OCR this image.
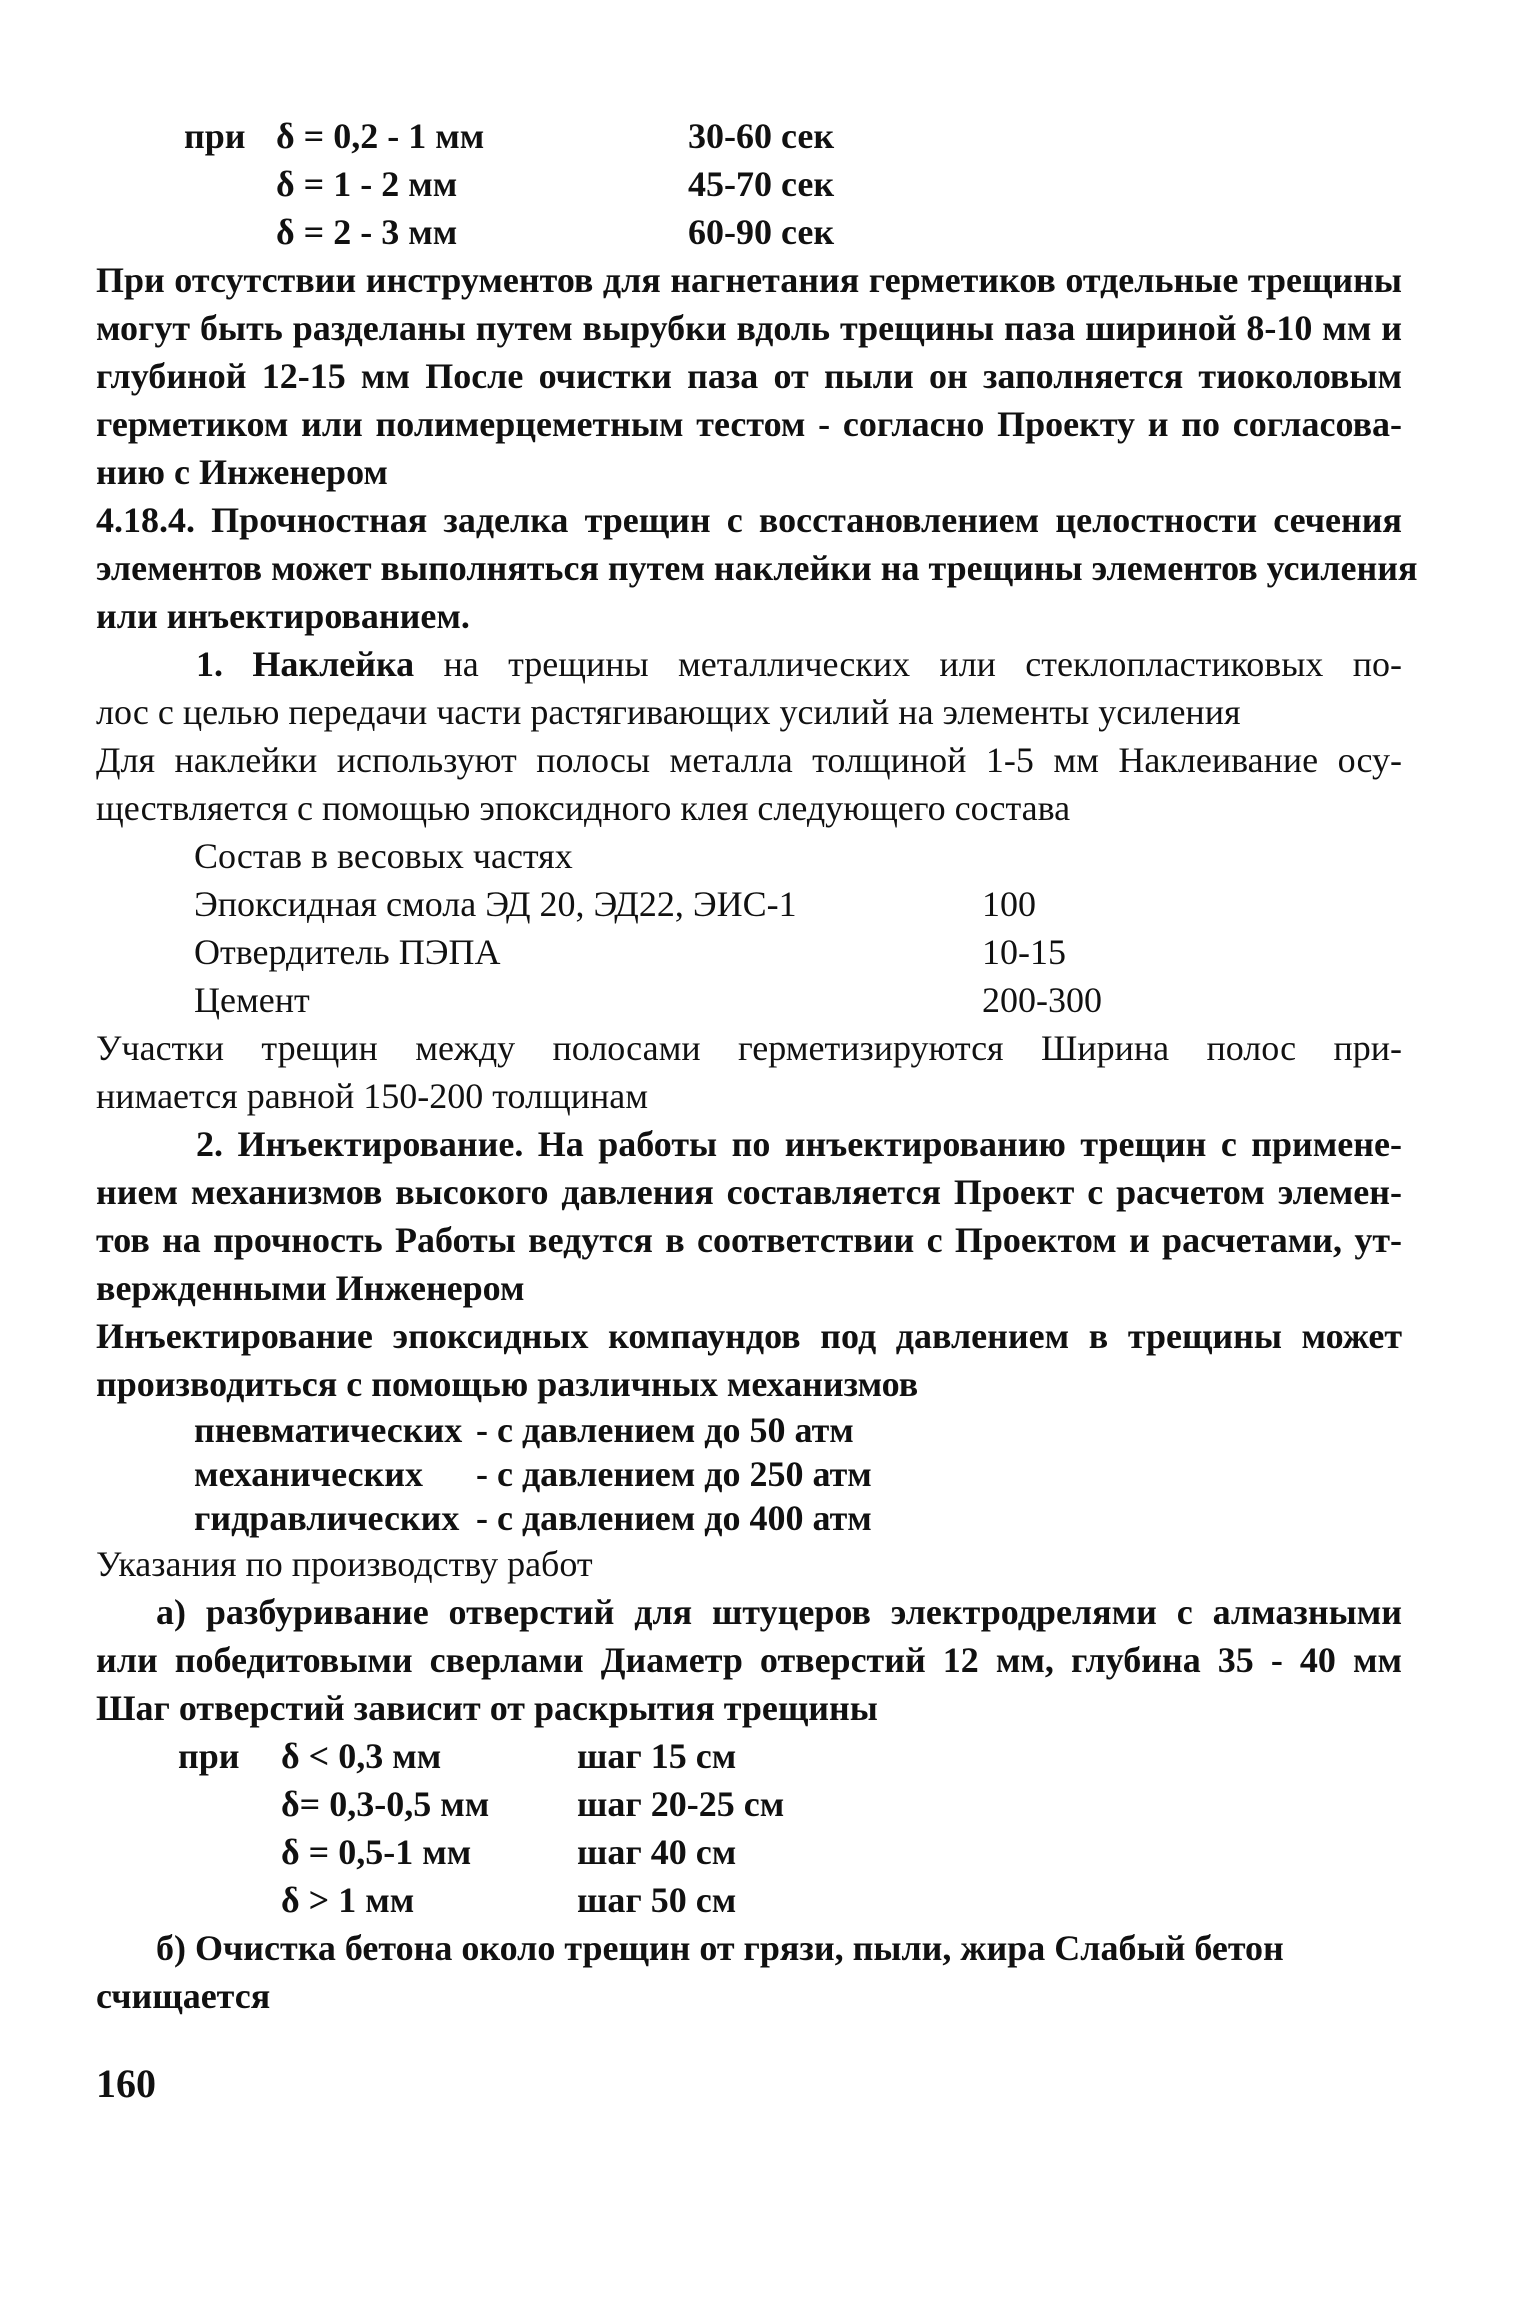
при δ = 0,2 - 1 мм	30-60 сек
δ = 1 - 2 мм	45-70 сек
δ = 2 - 3 мм	60-90 сек
При отсутствии инструментов для нагнетания герметиков отдельные трещины
могут быть разделаны путем вырубки вдоль трещины паза шириной 8-10 мм и
глубиной 12-15 мм После очистки паза от пыли он заполняется тиоколовым
герметиком или полимерцеметным тестом - согласно Проекту и по согласова-
нию с Инженером
4.18.4. Прочностная заделка трещин с восстановлением целостности сечения
элементов может выполняться путем наклейки на трещины элементов усиления
или инъектированием.
1. Наклейка на трещины металлических или стеклопластиковых по-
лос с целью передачи части растягивающих усилий на элементы усиления
Для наклейки используют полосы металла толщиной 1-5 мм Наклеивание осу-
ществляется с помощью эпоксидного клея следующего состава
Состав в весовых частях
Эпоксидная смола ЭД 20, ЭД22, ЭИС-1	100
Отвердитель ПЭПА	10-15
Цемент	200-300
Участки трещин между полосами герметизируются Ширина полос при-
нимается равной 150-200 толщинам
2. Инъектирование. На работы по инъектированию трещин с примене-
нием механизмов высокого давления составляется Проект с расчетом элемен-
тов на прочность Работы ведутся в соответствии с Проектом и расчетами, ут-
вержденными Инженером
Инъектирование эпоксидных компаундов под давлением в трещины может
производиться с помощью различных механизмов
пневматических - с давлением до 50 атм
механических - с давлением до 250 атм
гидравлических - с давлением до 400 атм
Указания по производству работ
а) разбуривание отверстий для штуцеров электродрелями с алмазными
или победитовыми сверлами Диаметр отверстий 12 мм, глубина 35 - 40 мм
Шаг отверстий зависит от раскрытия трещины
при δ < 0,3 мм	шаг 15 см
δ= 0,3-0,5 мм шаг 20-25 см
δ = 0,5-1 мм	шаг 40 см
δ > 1 мм	шаг 50 см
б) Очистка бетона около трещин от грязи, пыли, жира Слабый бетон
счищается
160
